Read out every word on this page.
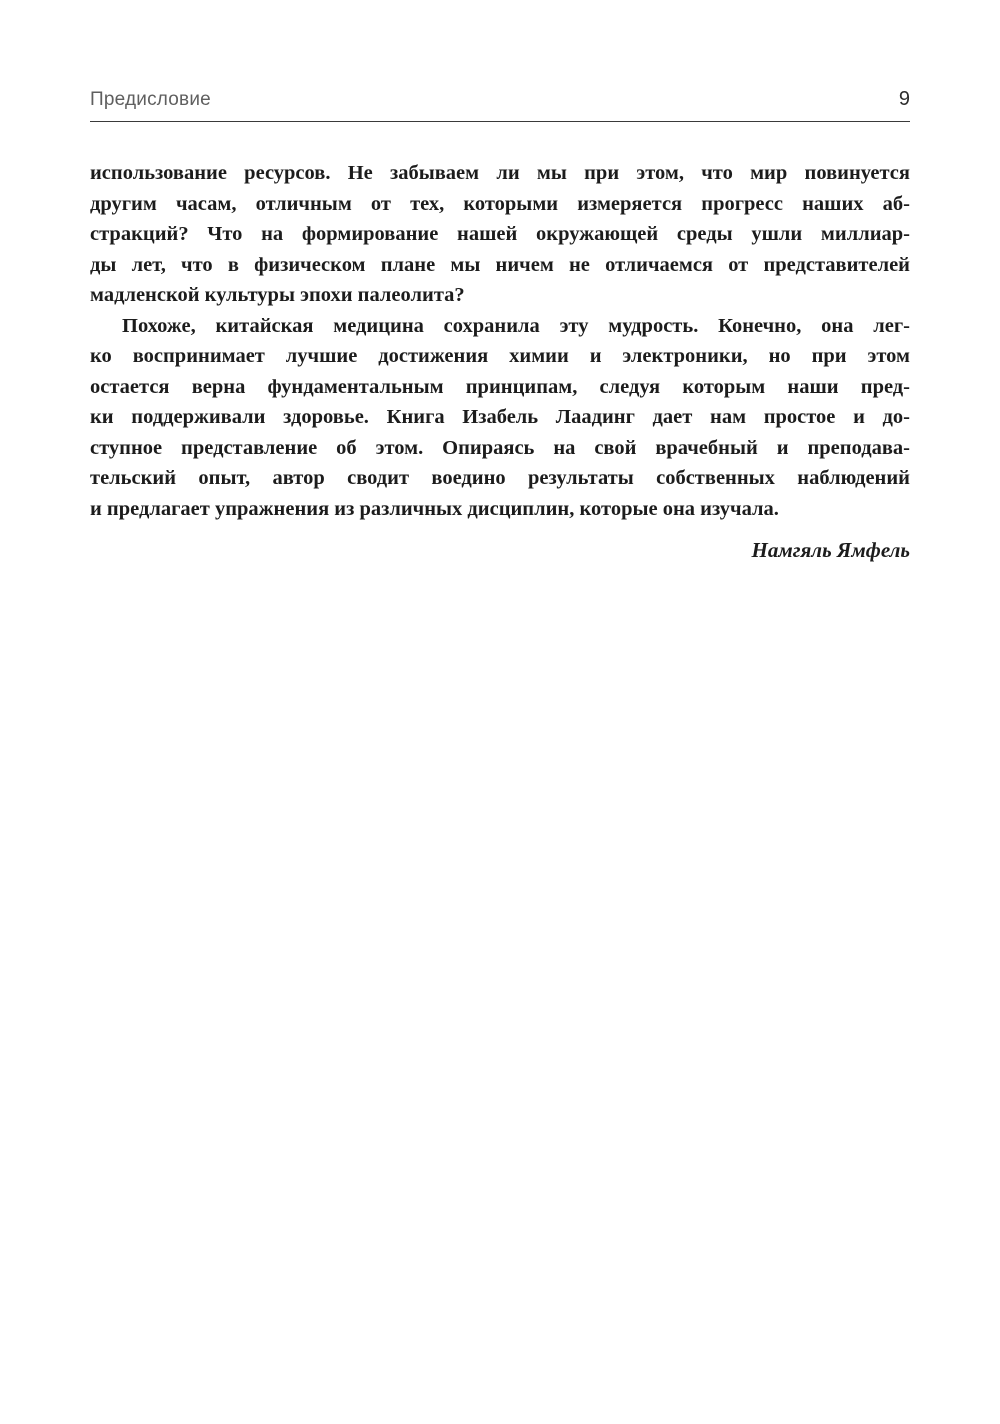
Предисловие	9
использование ресурсов. Не забываем ли мы при этом, что мир повинуется
другим часам, отличным от тех, которыми измеряется прогресс наших аб-
стракций? Что на формирование нашей окружающей среды ушли миллиар-
ды лет, что в физическом плане мы ничем не отличаемся от представителей
мадленской культуры эпохи палеолита?
Похоже, китайская медицина сохранила эту мудрость. Конечно, она лег-
ко воспринимает лучшие достижения химии и электроники, но при этом
остается верна фундаментальным принципам, следуя которым наши пред-
ки поддерживали здоровье. Книга Изабель Лаадинг дает нам простое и до-
ступное представление об этом. Опираясь на свой врачебный и преподава-
тельский опыт, автор сводит воедино результаты собственных наблюдений
и предлагает упражнения из различных дисциплин, которые она изучала.
Намгяль Ямфель
